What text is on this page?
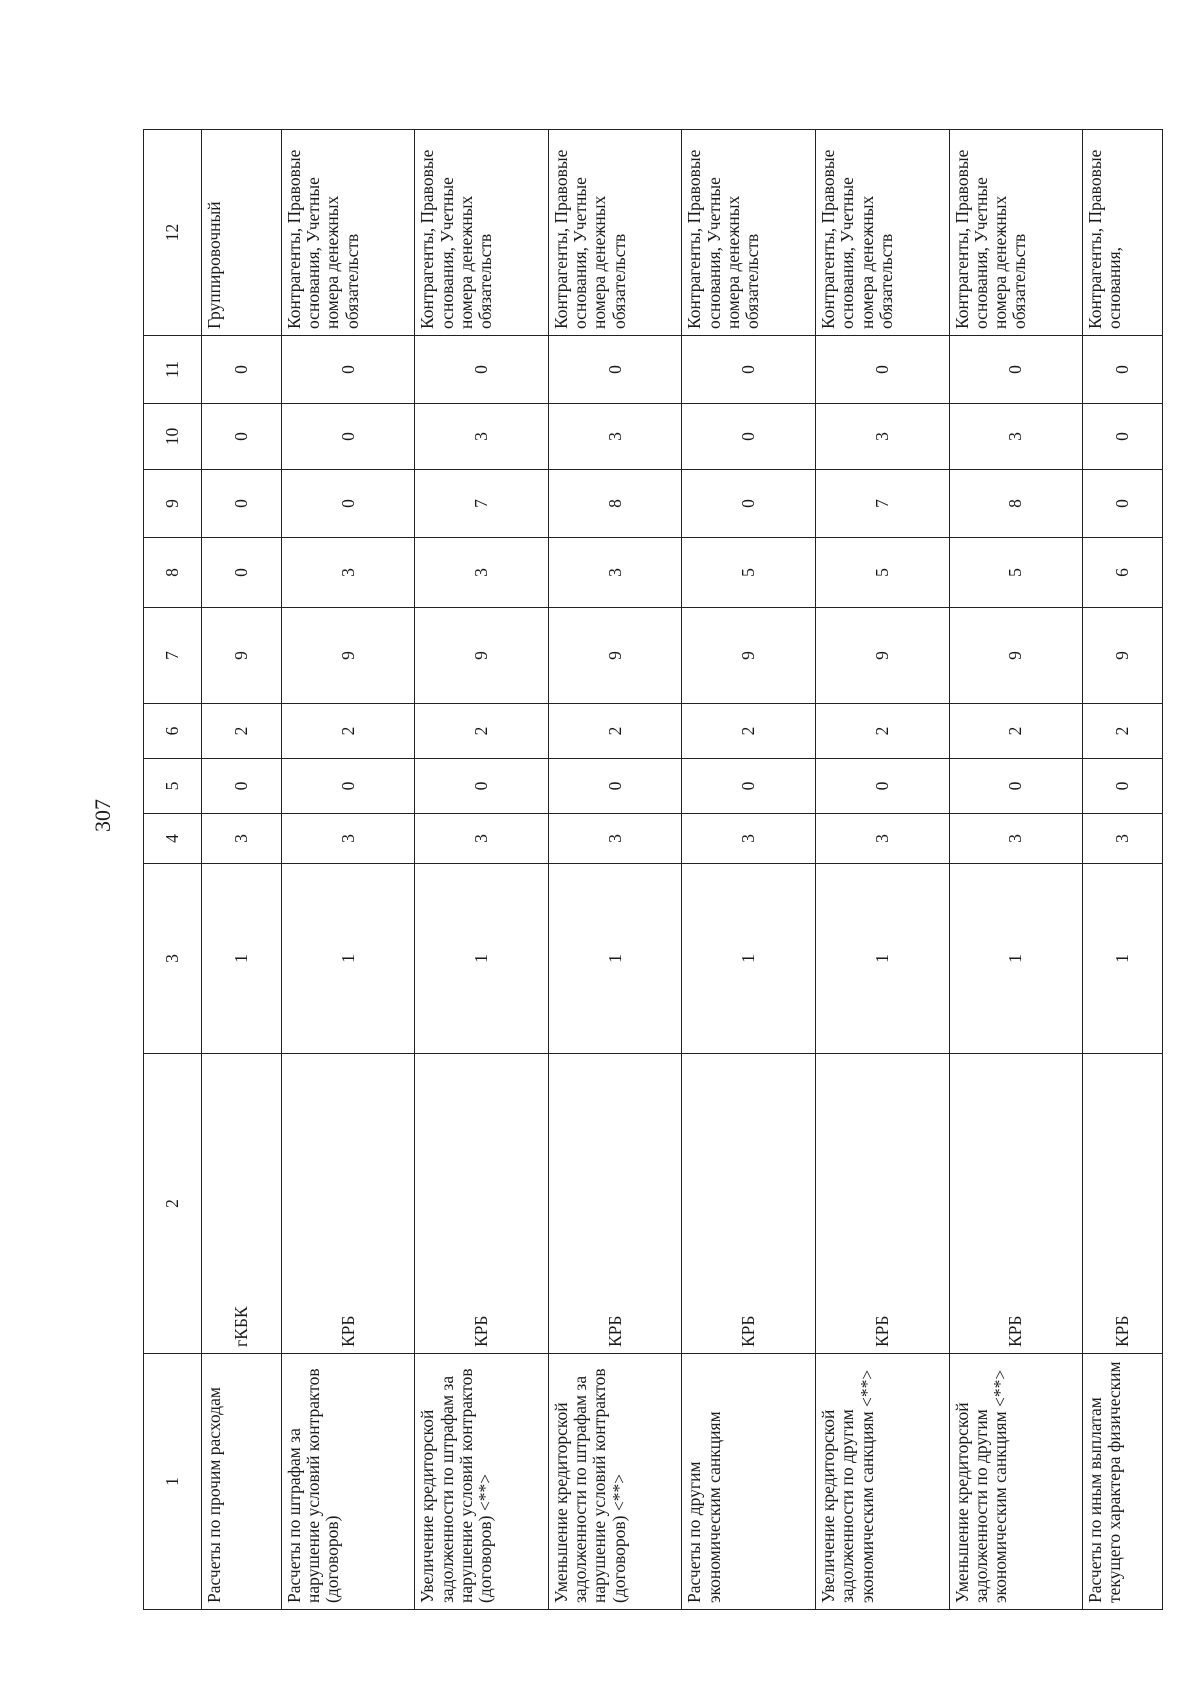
307
1	2	3	4	5	6	7	8	9	10	11	12
Расчеты по прочим расходам	гКБК	1	3	0	2	9	0	0	0	0	Группировочный
Расчеты по штрафам за нарушение условий контрактов (договоров)	КРБ	1	3	0	2	9	3	0	0	0	Контрагенты, Правовые основания, Учетные номера денежных обязательств
Увеличение кредиторской задолженности по штрафам за нарушение условий контрактов (договоров) <**>	КРБ	1	3	0	2	9	3	7	3	0	Контрагенты, Правовые основания, Учетные номера денежных обязательств
Уменьшение кредиторской задолженности по штрафам за нарушение условий контрактов (договоров) <**>	КРБ	1	3	0	2	9	3	8	3	0	Контрагенты, Правовые основания, Учетные номера денежных обязательств
Расчеты по другим экономическим санкциям	КРБ	1	3	0	2	9	5	0	0	0	Контрагенты, Правовые основания, Учетные номера денежных обязательств
Увеличение кредиторской задолженности по другим экономическим санкциям <**>	КРБ	1	3	0	2	9	5	7	3	0	Контрагенты, Правовые основания, Учетные номера денежных обязательств
Уменьшение кредиторской задолженности по другим экономическим санкциям <**>	КРБ	1	3	0	2	9	5	8	3	0	Контрагенты, Правовые основания, Учетные номера денежных обязательств
Расчеты по иным выплатам текущего характера физическим	КРБ	1	3	0	2	9	6	0	0	0	Контрагенты, Правовые основания,
